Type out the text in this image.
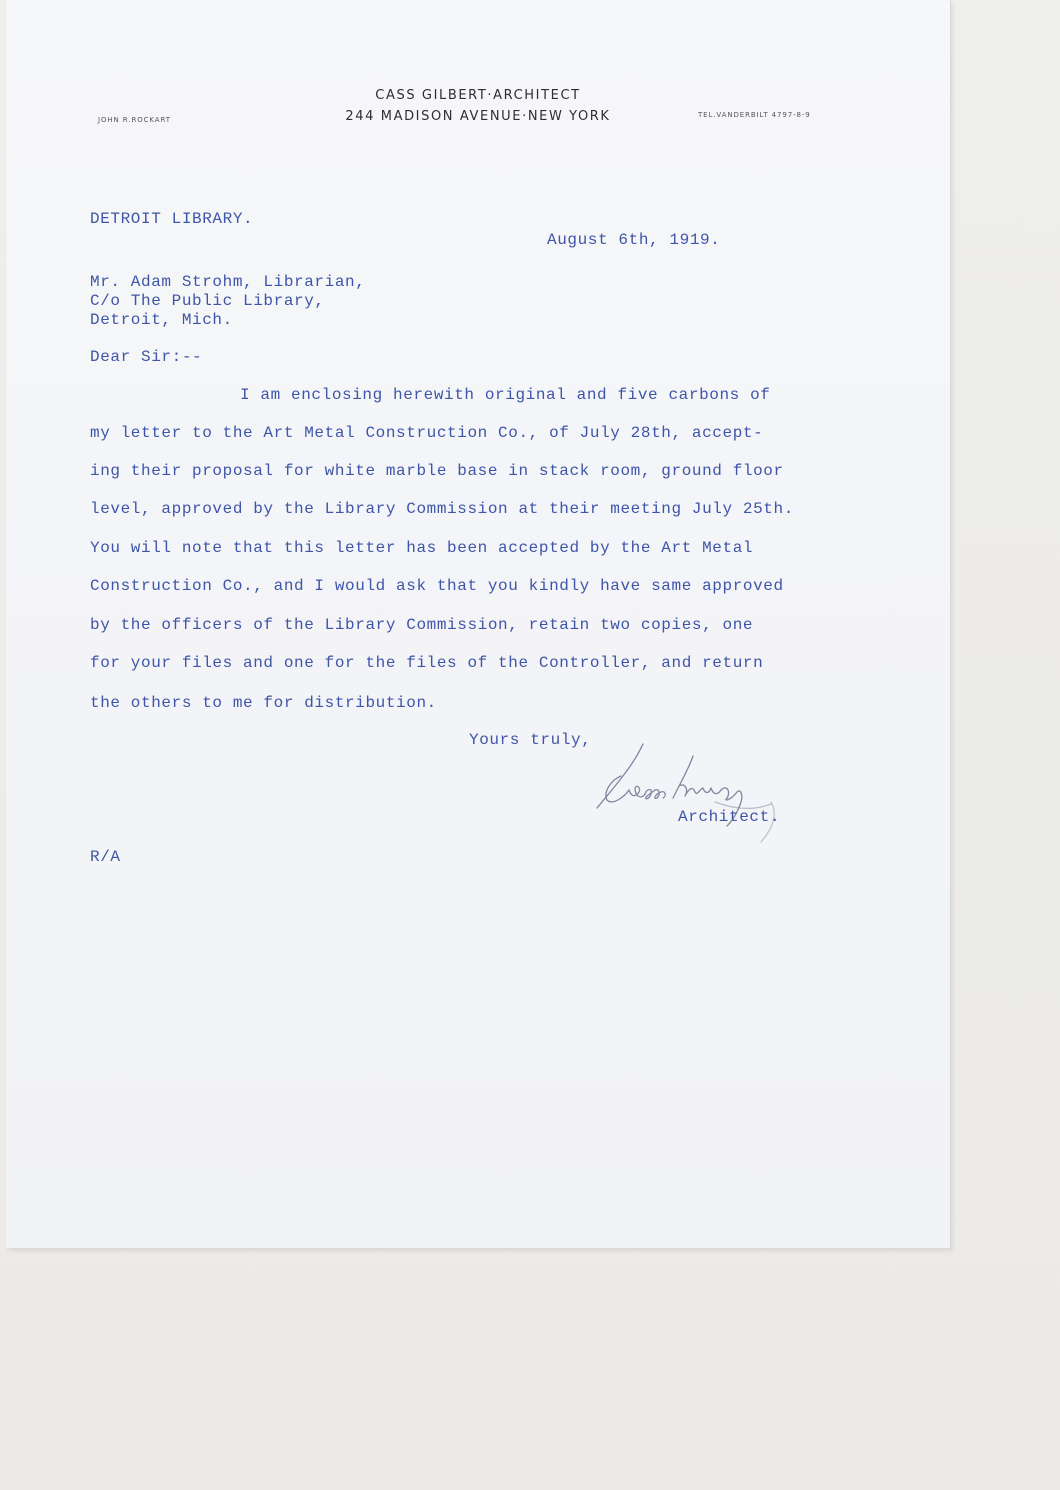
CASS GILBERT·ARCHITECT
244 MADISON AVENUE·NEW YORK
JOHN R.ROCKART
TEL.VANDERBILT 4797-8-9
DETROIT LIBRARY.
August 6th, 1919.
Mr. Adam Strohm, Librarian,
C/o The Public Library,
Detroit, Mich.
Dear Sir:--
I am enclosing herewith original and five carbons of
my letter to the Art Metal Construction Co., of July 28th, accept-
ing their proposal for white marble base in stack room, ground floor
level, approved by the Library Commission at their meeting July 25th.
You will note that this letter has been accepted by the Art Metal
Construction Co., and I would ask that you kindly have same approved
by the officers of the Library Commission, retain two copies, one
for your files and one for the files of the Controller, and return
the others to me for distribution.
Yours truly,
Architect.
R/A
